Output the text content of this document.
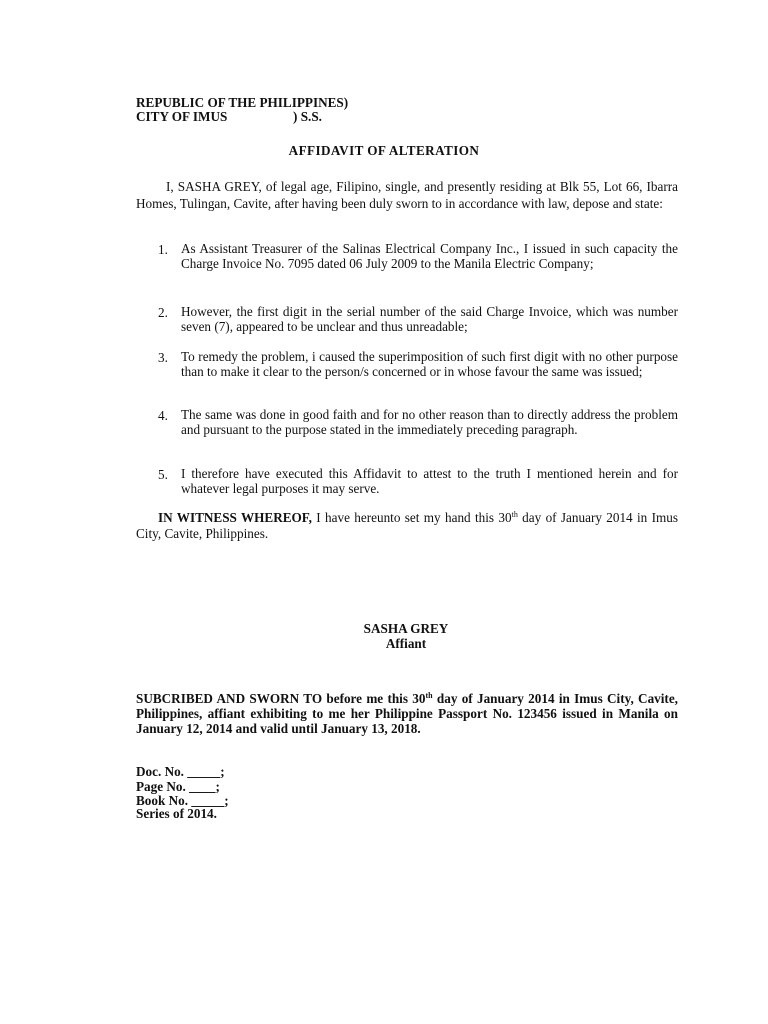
REPUBLIC OF THE PHILIPPINES)
CITY OF IMUS	) S.S.
AFFIDAVIT OF ALTERATION
I, SASHA GREY, of legal age, Filipino, single, and presently residing at Blk 55, Lot 66, Ibarra Homes, Tulingan, Cavite, after having been duly sworn to in accordance with law, depose and state:
1. As Assistant Treasurer of the Salinas Electrical Company Inc., I issued in such capacity the Charge Invoice No. 7095 dated 06 July 2009 to the Manila Electric Company;
2. However, the first digit in the serial number of the said Charge Invoice, which was number seven (7), appeared to be unclear and thus unreadable;
3. To remedy the problem, i caused the superimposition of such first digit with no other purpose than to make it clear to the person/s concerned or in whose favour the same was issued;
4. The same was done in good faith and for no other reason than to directly address the problem and pursuant to the purpose stated in the immediately preceding paragraph.
5. I therefore have executed this Affidavit to attest to the truth I mentioned herein and for whatever legal purposes it may serve.
IN WITNESS WHEREOF, I have hereunto set my hand this 30th day of January 2014 in Imus City, Cavite, Philippines.
SASHA GREY
Affiant
SUBCRIBED AND SWORN TO before me this 30th day of January 2014 in Imus City, Cavite, Philippines, affiant exhibiting to me her Philippine Passport No. 123456 issued in Manila on January 12, 2014 and valid until January 13, 2018.
Doc. No. _____;
Page No. ____;
Book No. _____;
Series of 2014.
